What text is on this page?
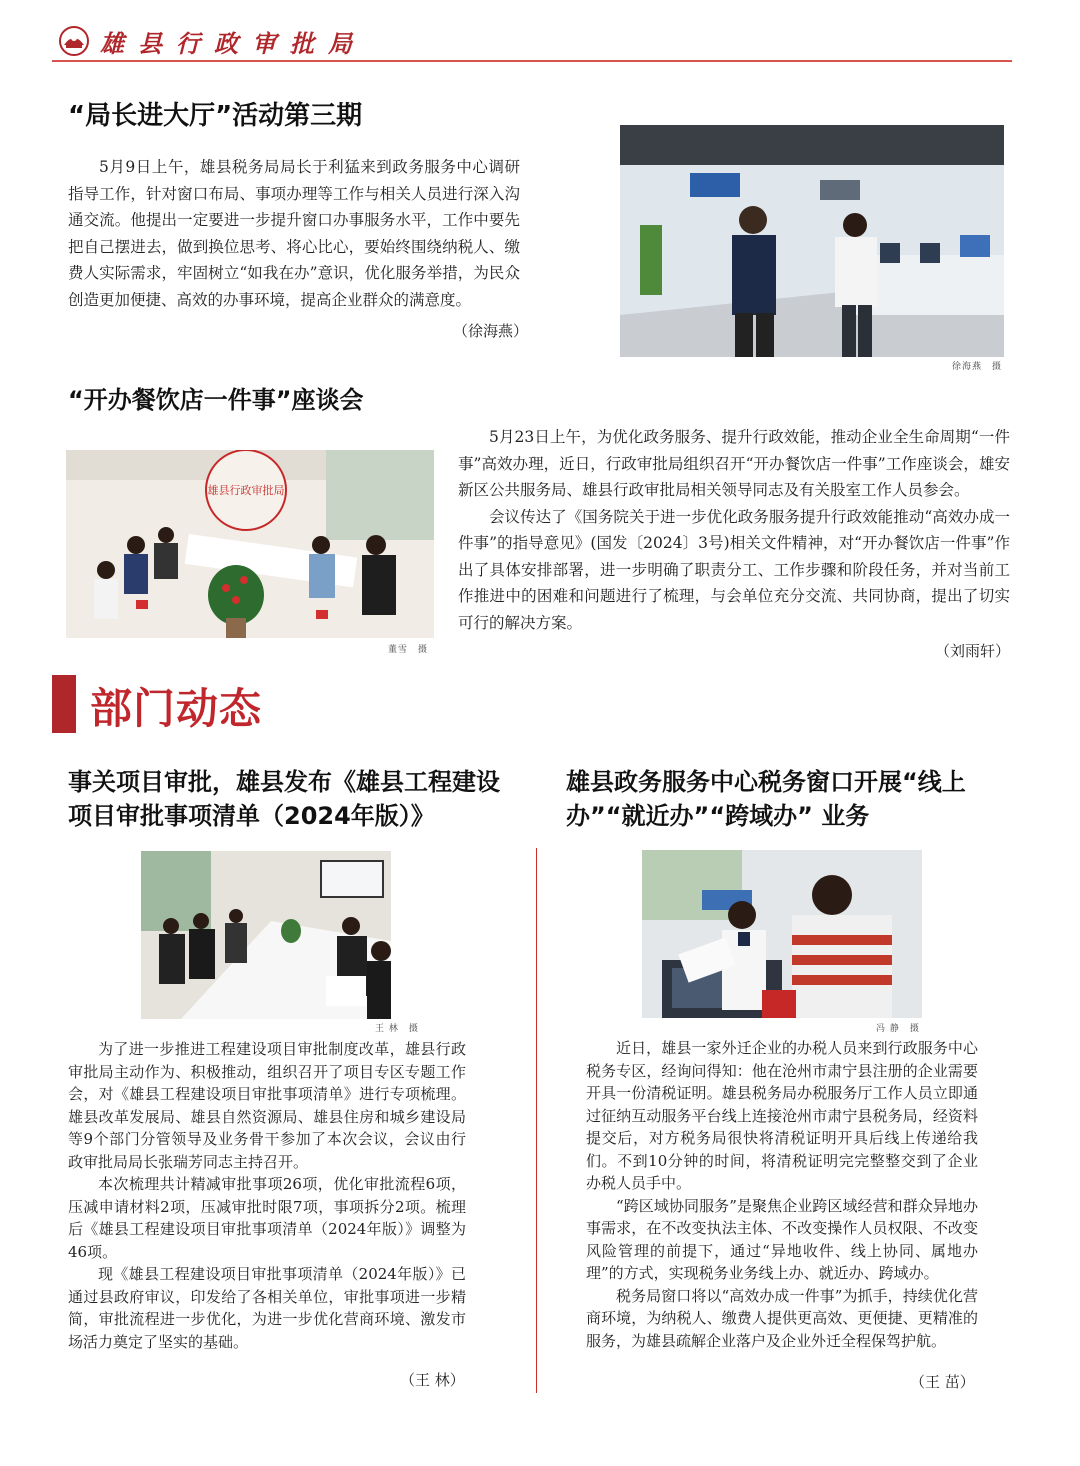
雄县行政审批局
“局长进大厅”活动第三期

5月9日上午，雄县税务局局长于利猛来到政务服务中心调研指导工作，针对窗口布局、事项办理等工作与相关人员进行深入沟通交流。他提出一定要进一步提升窗口办事服务水平，工作中要先把自己摆进去，做到换位思考、将心比心，要始终围绕纳税人、缴费人实际需求，牢固树立“如我在办”意识，优化服务举措，为民众创造更加便捷、高效的办事环境，提高企业群众的满意度。

（徐海燕）
徐海燕　摄
“开办餐饮店一件事”座谈会
雄县行政审批局
董雪　摄

5月23日上午，为优化政务服务、提升行政效能，推动企业全生命周期“一件事”高效办理，近日，行政审批局组织召开“开办餐饮店一件事”工作座谈会，雄安新区公共服务局、雄县行政审批局相关领导同志及有关股室工作人员参会。

会议传达了《国务院关于进一步优化政务服务提升行政效能推动“高效办成一件事”的指导意见》(国发〔2024〕3号)相关文件精神，对“开办餐饮店一件事”作出了具体安排部署，进一步明确了职责分工、工作步骤和阶段任务，并对当前工作推进中的困难和问题进行了梳理，与会单位充分交流、共同协商，提出了切实可行的解决方案。

（刘雨轩）
部门动态
事关项目审批，雄县发布《雄县工程建设项目审批事项清单（2024年版）》
王 林　摄

为了进一步推进工程建设项目审批制度改革，雄县行政审批局主动作为、积极推动，组织召开了项目专区专题工作会，对《雄县工程建设项目审批事项清单》进行专项梳理。雄县改革发展局、雄县自然资源局、雄县住房和城乡建设局等9个部门分管领导及业务骨干参加了本次会议，会议由行政审批局局长张瑞芳同志主持召开。

本次梳理共计精减审批事项26项，优化审批流程6项，压减申请材料2项，压减审批时限7项，事项拆分2项。梳理后《雄县工程建设项目审批事项清单（2024年版）》调整为46项。

现《雄县工程建设项目审批事项清单（2024年版）》已通过县政府审议，印发给了各相关单位，审批事项进一步精简，审批流程进一步优化，为进一步优化营商环境、激发市场活力奠定了坚实的基础。

（王 林）
雄县政务服务中心税务窗口开展“线上办”“就近办”“跨域办” 业务
冯 静　摄

近日，雄县一家外迁企业的办税人员来到行政服务中心税务专区，经询问得知：他在沧州市肃宁县注册的企业需要开具一份清税证明。雄县税务局办税服务厅工作人员立即通过征纳互动服务平台线上连接沧州市肃宁县税务局，经资料提交后，对方税务局很快将清税证明开具后线上传递给我们。不到10分钟的时间，将清税证明完完整整交到了企业办税人员手中。

“跨区域协同服务”是聚焦企业跨区域经营和群众异地办事需求，在不改变执法主体、不改变操作人员权限、不改变风险管理的前提下，通过“异地收件、线上协同、属地办理”的方式，实现税务业务线上办、就近办、跨域办。

税务局窗口将以“高效办成一件事”为抓手，持续优化营商环境，为纳税人、缴费人提供更高效、更便捷、更精准的服务，为雄县疏解企业落户及企业外迁全程保驾护航。

（王 茁）
